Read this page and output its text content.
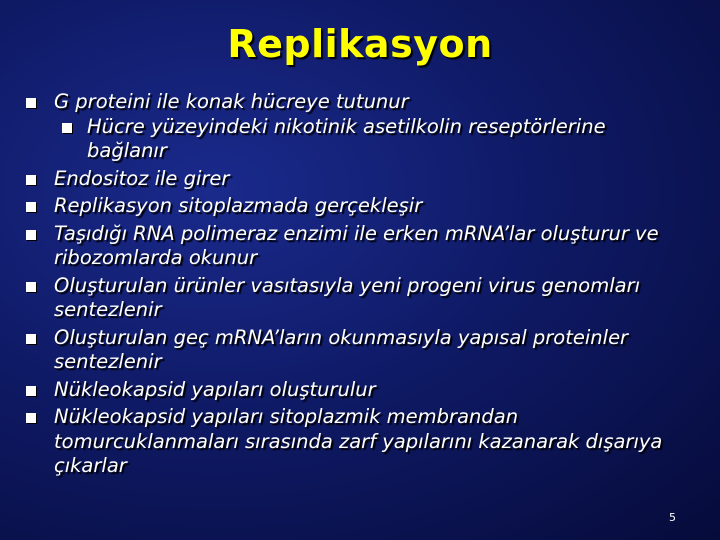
Replikasyon
G proteini ile konak hücreye tutunur
Hücre yüzeyindeki nikotinik asetilkolin reseptörlerine bağlanır
Endositoz ile girer
Replikasyon sitoplazmada gerçekleşir
Taşıdığı RNA polimeraz enzimi ile erken mRNA’lar oluşturur ve ribozomlarda okunur
Oluşturulan ürünler vasıtasıyla yeni progeni virus genomları sentezlenir
Oluşturulan geç mRNA’ların okunmasıyla yapısal proteinler sentezlenir
Nükleokapsid yapıları oluşturulur
Nükleokapsid yapıları sitoplazmik membrandan tomurcuklanmaları sırasında zarf yapılarını kazanarak dışarıya çıkarlar
5
